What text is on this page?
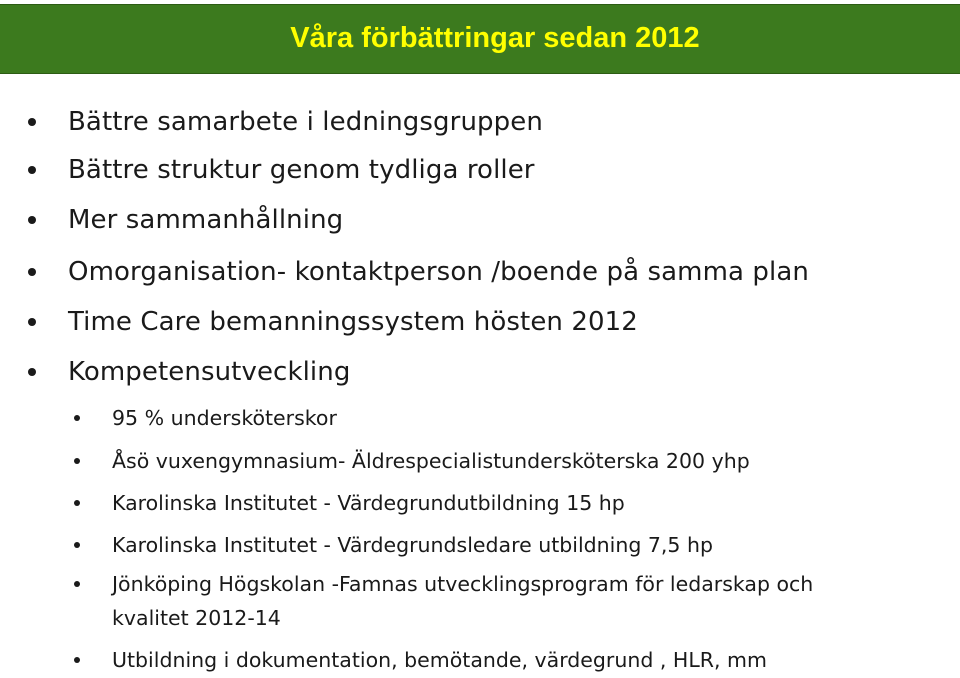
Våra förbättringar sedan 2012
Bättre samarbete i ledningsgruppen
Bättre struktur genom tydliga roller
Mer sammanhållning
Omorganisation- kontaktperson /boende på samma plan
Time Care bemanningssystem hösten 2012
Kompetensutveckling
95 % undersköterskor
Åsö vuxengymnasium- Äldrespecialistundersköterska 200 yhp
Karolinska Institutet - Värdegrundutbildning 15 hp
Karolinska Institutet - Värdegrundsledare utbildning 7,5 hp
Jönköping Högskolan -Famnas utvecklingsprogram för ledarskap och
kvalitet 2012-14
Utbildning i dokumentation, bemötande, värdegrund , HLR, mm
